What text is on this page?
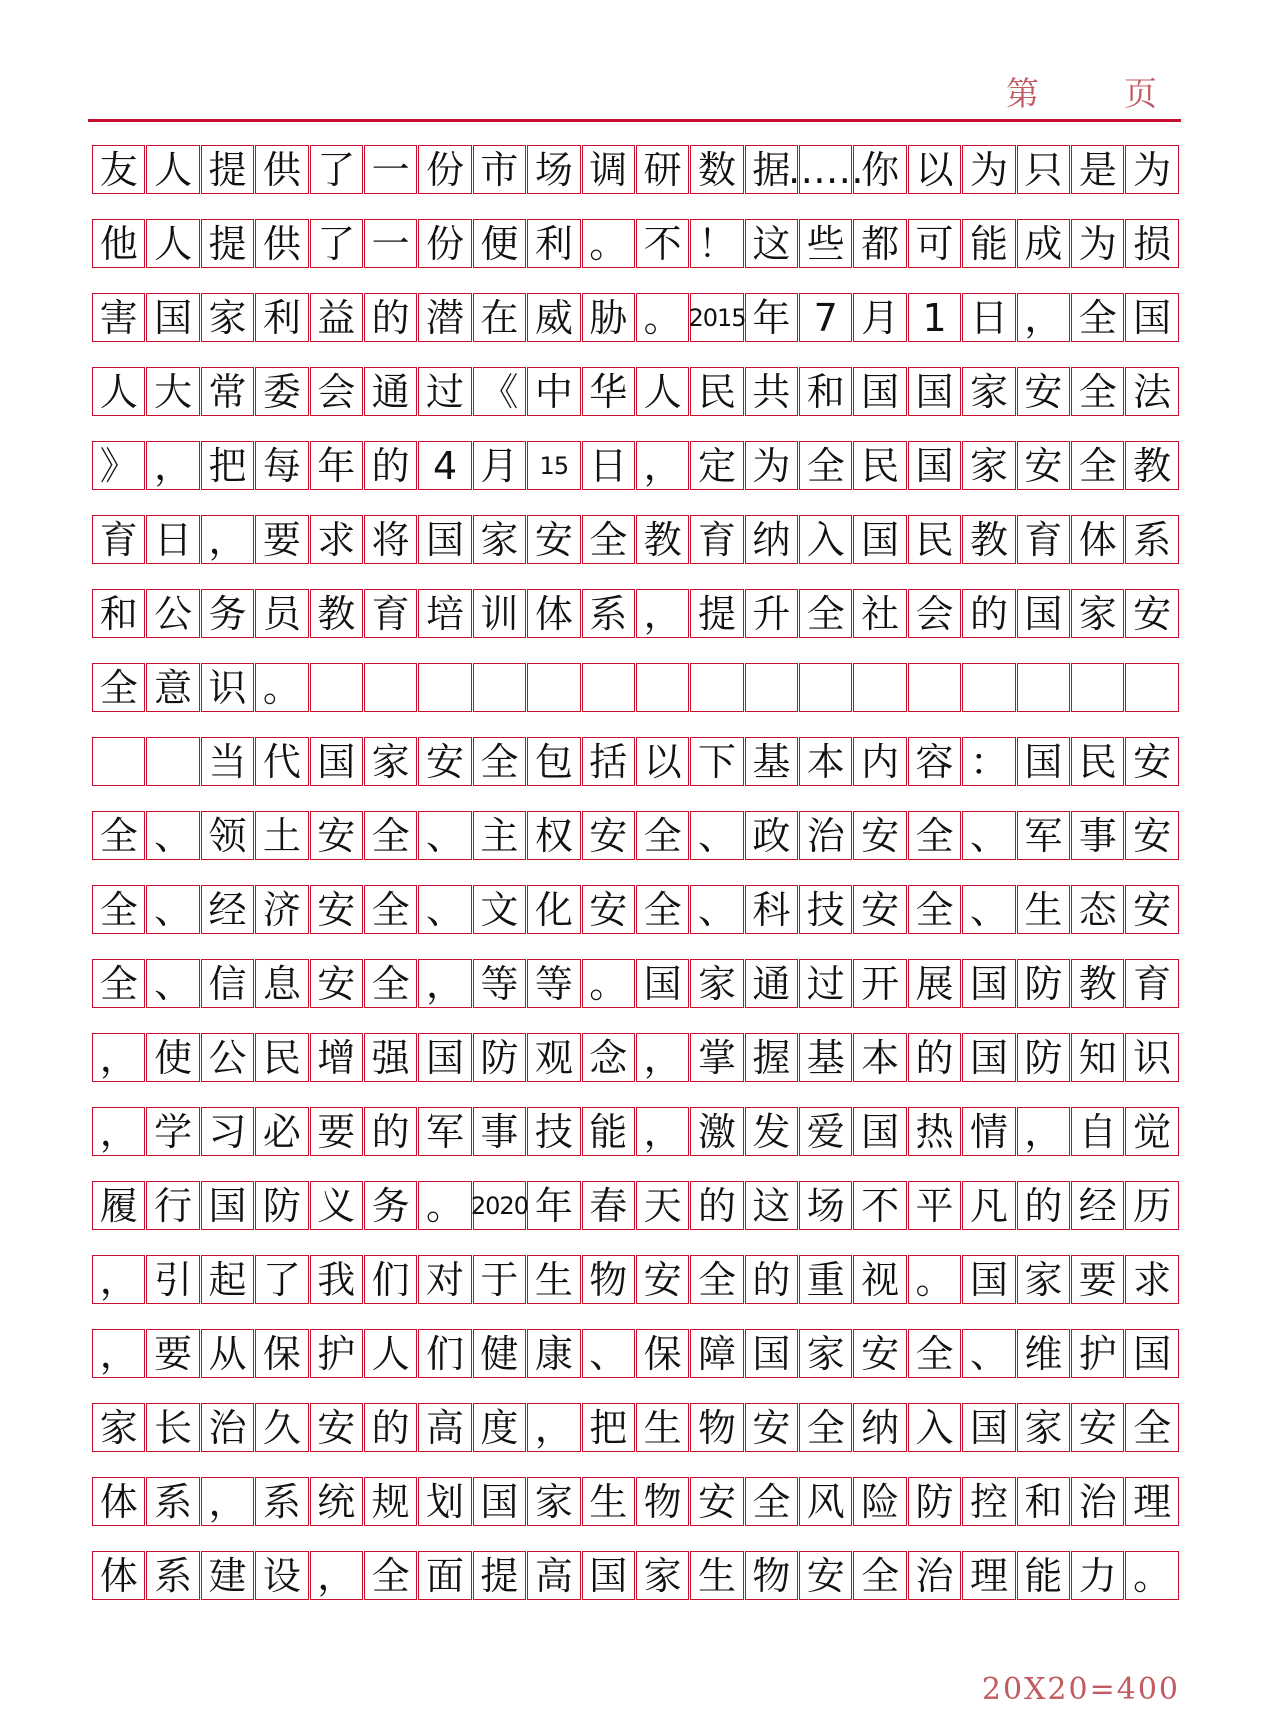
第	页
友 人 提 供 了 一 份 市 场 调 研 数 据
……
你 以 为 只 是 为
他 人 提 供 了 一 份 便 利 。 不 ！ 这 些 都 可 能 成 为 损
害 国 家 利 益 的 潜 在 威 胁 。 2015 年 7 月 1 日 ， 全 国
人 大 常 委 会 通 过 《 中 华 人 民 共 和 国 国 家 安 全 法
》 ， 把 每 年 的 4 月 15 日 ， 定 为 全 民 国 家 安 全 教
育 日 ， 要 求 将 国 家 安 全 教 育 纳 入 国 民 教 育 体 系
和 公 务 员 教 育 培 训 体 系 ， 提 升 全 社 会 的 国 家 安
全 意 识 。
当 代 国 家 安 全 包 括 以 下 基 本 内 容 ： 国 民 安
全 、 领 土 安 全 、 主 权 安 全 、 政 治 安 全 、 军 事 安
全 、 经 济 安 全 、 文 化 安 全 、 科 技 安 全 、 生 态 安
全 、 信 息 安 全 ， 等 等 。 国 家 通 过 开 展 国 防 教 育
， 使 公 民 增 强 国 防 观 念 ， 掌 握 基 本 的 国 防 知 识
， 学 习 必 要 的 军 事 技 能 ， 激 发 爱 国 热 情 ， 自 觉
履 行 国 防 义 务 。 2020 年 春 天 的 这 场 不 平 凡 的 经 历
， 引 起 了 我 们 对 于 生 物 安 全 的 重 视 。 国 家 要 求
， 要 从 保 护 人 们 健 康 、 保 障 国 家 安 全 、 维 护 国
家 长 治 久 安 的 高 度 ， 把 生 物 安 全 纳 入 国 家 安 全
体 系 ， 系 统 规 划 国 家 生 物 安 全 风 险 防 控 和 治 理
体 系 建 设 ， 全 面 提 高 国 家 生 物 安 全 治 理 能 力 。
20X20=400
